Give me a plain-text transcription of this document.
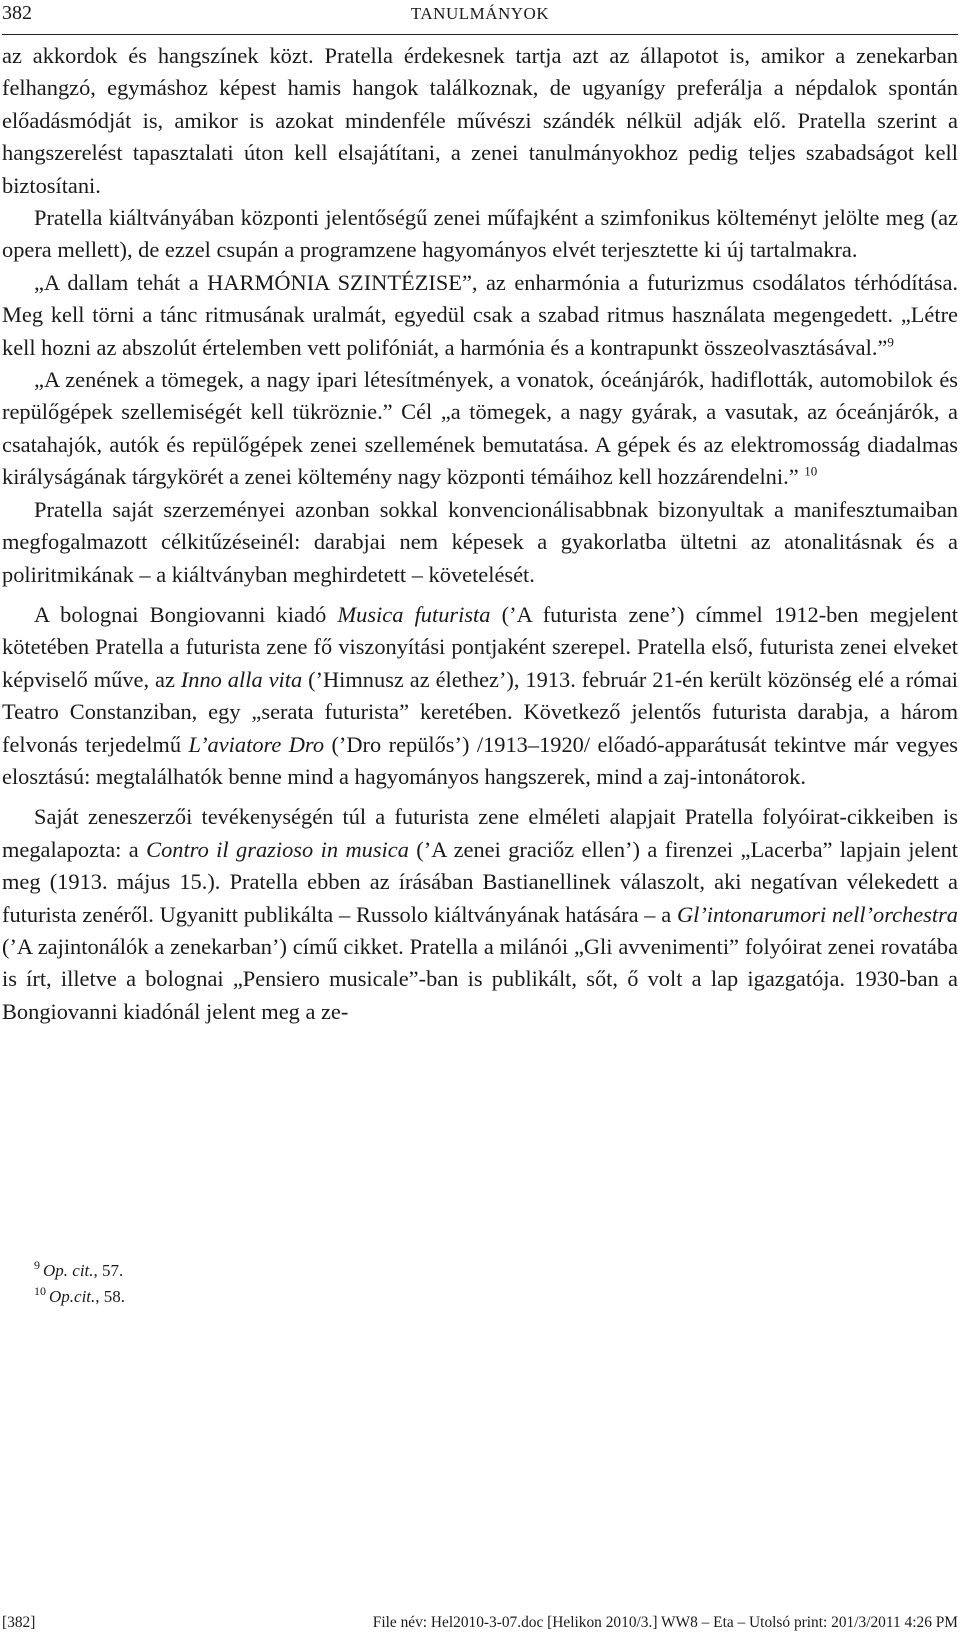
382	TANULMÁNYOK

az akkordok és hangszínek közt. Pratella érdekesnek tartja azt az állapotot is, amikor a zenekarban felhangzó, egymáshoz képest hamis hangok találkoznak, de ugyanígy preferálja a népdalok spontán előadásmódját is, amikor is azokat mindenféle művészi szándék nélkül adják elő. Pratella szerint a hangszerelést tapasztalati úton kell elsajátítani, a zenei tanulmányokhoz pedig teljes szabadságot kell biztosítani.

Pratella kiáltványában központi jelentőségű zenei műfajként a szimfonikus költeményt jelölte meg (az opera mellett), de ezzel csupán a programzene hagyományos elvét terjesztette ki új tartalmakra.

„A dallam tehát a HARMÓNIA SZINTÉZISE”, az enharmónia a futurizmus csodálatos térhódítása. Meg kell törni a tánc ritmusának uralmát, egyedül csak a szabad ritmus használata megengedett. „Létre kell hozni az abszolút értelemben vett polifóniát, a harmónia és a kontrapunkt összeolvasztásával.”$^9$

„A zenének a tömegek, a nagy ipari létesítmények, a vonatok, óceánjárók, hadiflották, automobilok és repülőgépek szellemiségét kell tükröznie.” Cél „a tömegek, a nagy gyárak, a vasutak, az óceánjárók, a csatahajók, autók és repülőgépek zenei szellemének bemutatása. A gépek és az elektromosság diadalmas királyságának tárgykörét a zenei költemény nagy központi témáihoz kell hozzárendelni.” $^{10}$

Pratella saját szerzeményei azonban sokkal konvencionálisabbnak bizonyultak a manifesztumaiban megfogalmazott célkitűzéseinél: darabjai nem képesek a gyakorlatba ültetni az atonalitásnak és a poliritmikának – a kiáltványban meghirdetett – követelését.

A bolognai Bongiovanni kiadó Musica futurista (’A futurista zene’) címmel 1912-ben megjelent kötetében Pratella a futurista zene fő viszonyítási pontjaként szerepel. Pratella első, futurista zenei elveket képviselő műve, az Inno alla vita (’Himnusz az élethez’), 1913. február 21-én került közönség elé a római Teatro Constanziban, egy „serata futurista” keretében. Következő jelentős futurista darabja, a három felvonás terjedelmű L’aviatore Dro (’Dro repülős’) /1913–1920/ előadó-apparátusát tekintve már vegyes elosztású: megtalálhatók benne mind a hagyományos hangszerek, mind a zaj-intonátorok.

Saját zeneszerzői tevékenységén túl a futurista zene elméleti alapjait Pratella folyóirat-cikkeiben is megalapozta: a Contro il grazioso in musica (’A zenei graciőz ellen’) a firenzei „Lacerba” lapjain jelent meg (1913. május 15.). Pratella ebben az írásában Bastianellinek válaszolt, aki negatívan vélekedett a futurista zenéről. Ugyanitt publikálta – Russolo kiáltványának hatására – a Gl’intonarumori nell’orchestra (’A zajintonálók a zenekarban’) című cikket. Pratella a milánói „Gli avvenimenti” folyóirat zenei rovatába is írt, illetve a bolognai „Pensiero musicale”-ban is publikált, sőt, ő volt a lap igazgatója. 1930-ban a Bongiovanni kiadónál jelent meg a ze-

$^9$ Op. cit., 57.
$^{10}$ Op.cit., 58.
[382]	File név: Hel2010-3-07.doc [Helikon 2010/3.] WW8 – Eta – Utolsó print: 201/3/2011 4:26 PM
